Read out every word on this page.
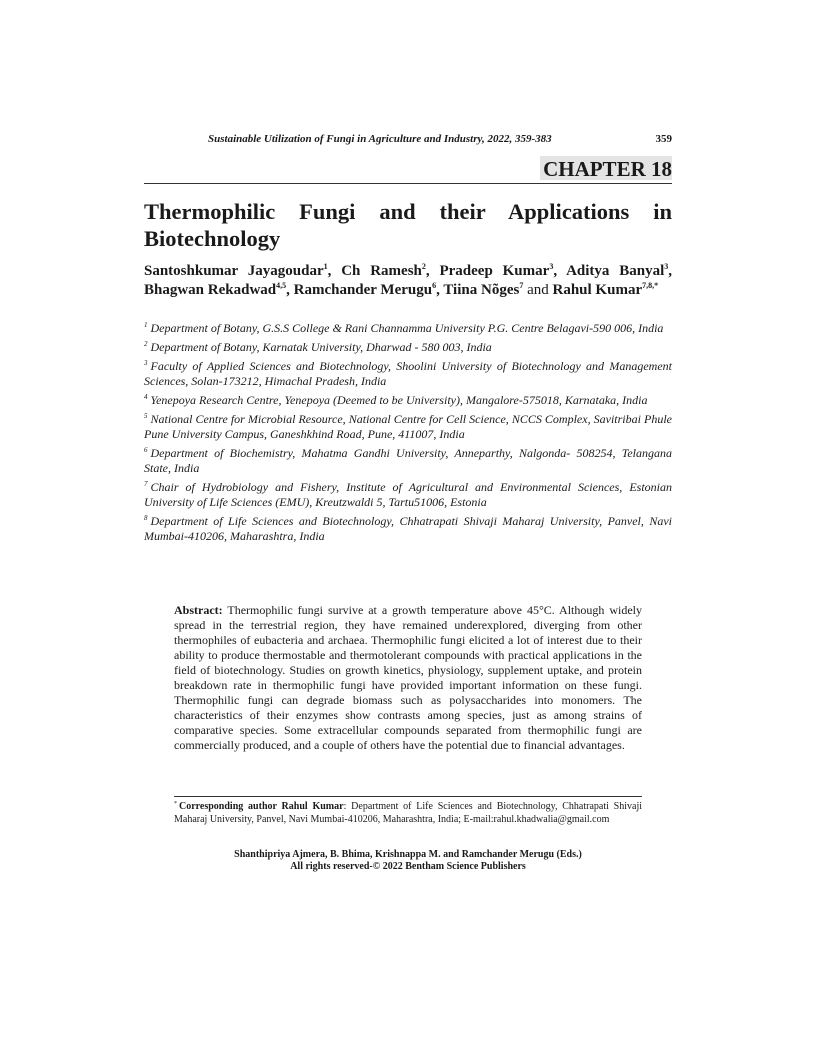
Sustainable Utilization of Fungi in Agriculture and Industry, 2022, 359-383	359
CHAPTER 18
Thermophilic Fungi and their Applications in Biotechnology

Santoshkumar Jayagoudar$^1$, Ch Ramesh$^2$, Pradeep Kumar$^3$, Aditya Banyal$^3$, Bhagwan Rekadwad$^{4,5}$, Ramchander Merugu$^6$, Tiina Nõges$^7$ and Rahul Kumar$^{7,8,*}$

$^1$ Department of Botany, G.S.S College & Rani Channamma University P.G. Centre Belagavi-590 006, India
$^2$ Department of Botany, Karnatak University, Dharwad - 580 003, India
$^3$ Faculty of Applied Sciences and Biotechnology, Shoolini University of Biotechnology and Management Sciences, Solan-173212, Himachal Pradesh, India
$^4$ Yenepoya Research Centre, Yenepoya (Deemed to be University), Mangalore-575018, Karnataka, India
$^5$ National Centre for Microbial Resource, National Centre for Cell Science, NCCS Complex, Savitribai Phule Pune University Campus, Ganeshkhind Road, Pune, 411007, India
$^6$ Department of Biochemistry, Mahatma Gandhi University, Anneparthy, Nalgonda- 508254, Telangana State, India
$^7$ Chair of Hydrobiology and Fishery, Institute of Agricultural and Environmental Sciences, Estonian University of Life Sciences (EMU), Kreutzwaldi 5, Tartu51006, Estonia
$^8$ Department of Life Sciences and Biotechnology, Chhatrapati Shivaji Maharaj University, Panvel, Navi Mumbai-410206, Maharashtra, India

Abstract: Thermophilic fungi survive at a growth temperature above 45°C. Although widely spread in the terrestrial region, they have remained underexplored, diverging from other thermophiles of eubacteria and archaea. Thermophilic fungi elicited a lot of interest due to their ability to produce thermostable and thermotolerant compounds with practical applications in the field of biotechnology. Studies on growth kinetics, physiology, supplement uptake, and protein breakdown rate in thermophilic fungi have provided important information on these fungi. Thermophilic fungi can degrade biomass such as polysaccharides into monomers. The characteristics of their enzymes show contrasts among species, just as among strains of comparative species. Some extracellular compounds separated from thermophilic fungi are commercially produced, and a couple of others have the potential due to financial advantages.

* Corresponding author Rahul Kumar: Department of Life Sciences and Biotechnology, Chhatrapati Shivaji Maharaj University, Panvel, Navi Mumbai-410206, Maharashtra, India; E-mail:rahul.khadwalia@gmail.com

Shanthipriya Ajmera, B. Bhima, Krishnappa M. and Ramchander Merugu (Eds.)
All rights reserved-© 2022 Bentham Science Publishers
